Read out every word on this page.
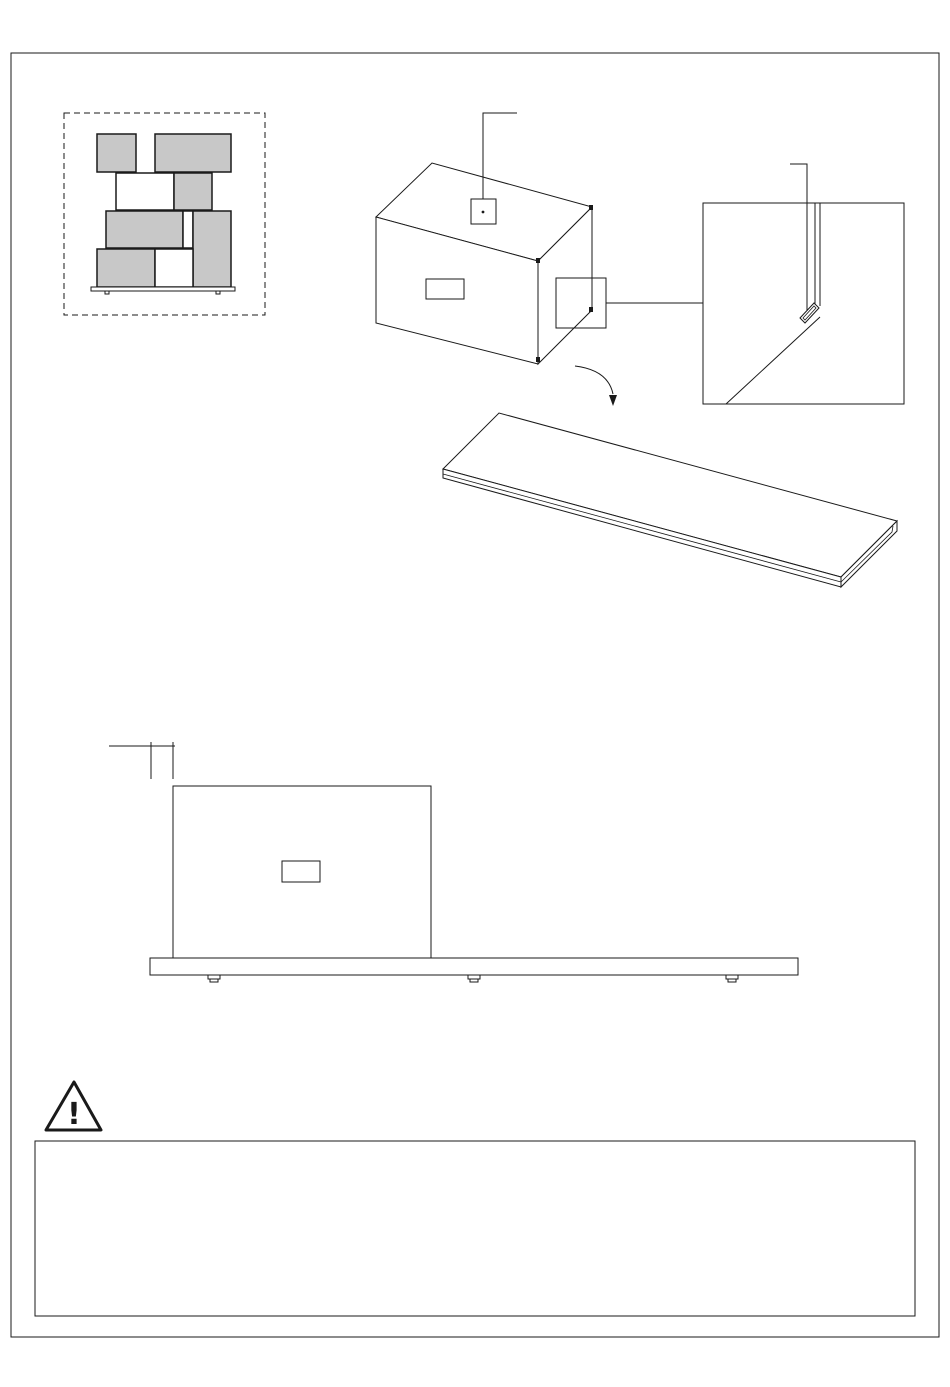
!
